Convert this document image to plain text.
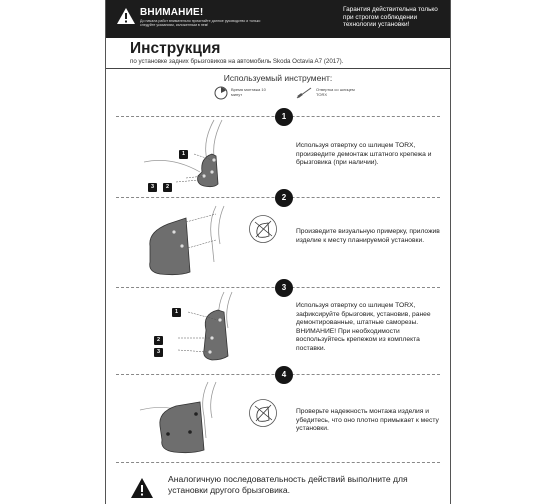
ВНИМАНИЕ!
До начала работ внимательно прочитайте данное руководство и только следуйте указаниям, изложенным в нем!
Гарантия действительна только при строгом соблюдении технологии установки!
Инструкция
по установке задних брызговиков на автомобиль Skoda Octavia A7 (2017).
Используемый инструмент:
Время монтажа 10 минут
Отвертка со шлицем TORX
1
1
2
3
Используя отвертку со шлицем TORX, произведите демонтаж штатного крепежа и брызговика (при наличии).
2
Произведите визуальную примерку, приложив изделие к месту планируемой установки.
3
1
2
3
Используя отвертку со шлицем TORX, зафиксируйте брызговик, установив, ранее демонтированные, штатные саморезы. ВНИМАНИЕ! При необходимости воспользуйтесь крепежом из комплекта поставки.
4
Проверьте надежность монтажа изделия и убедитесь, что оно плотно примыкает к месту установки.
Аналогичную последовательность действий выполните для установки другого брызговика.
